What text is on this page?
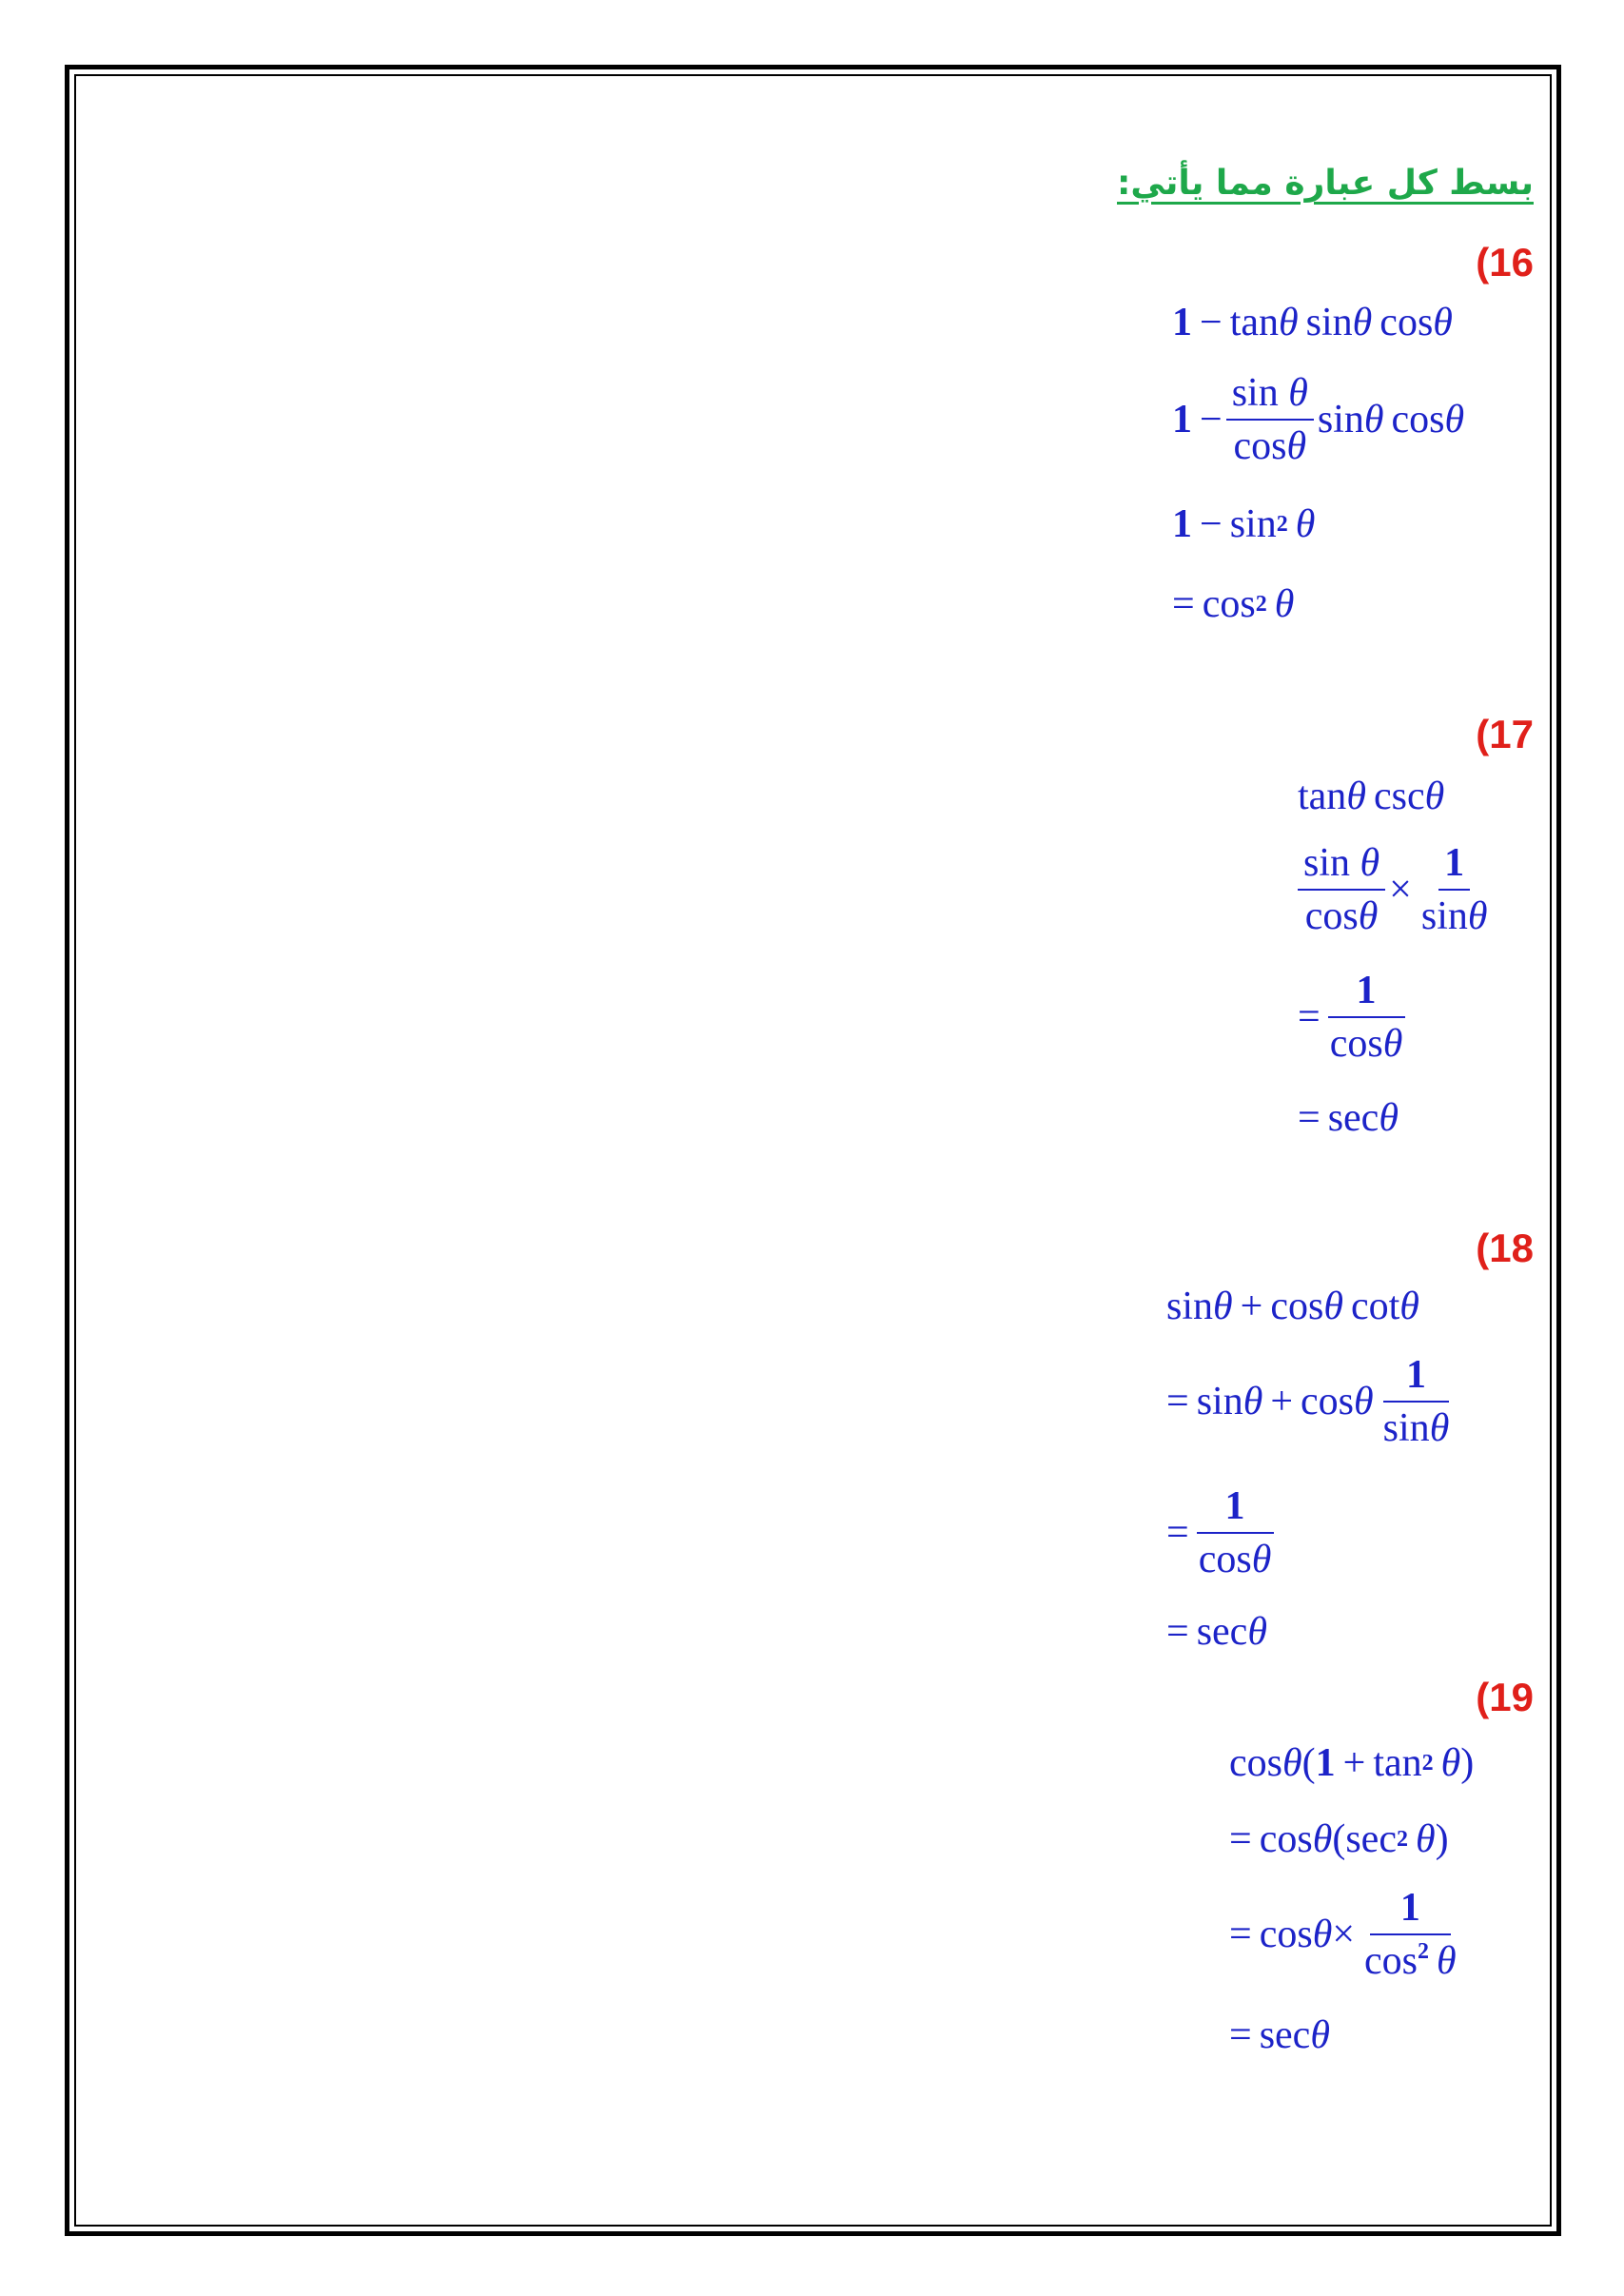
بسط كل عبارة مما يأتي:
(16
1 − tan θ sin θ cos θ
$1 - \frac{\text{sin θ}}{\cos\theta}$ sin θ cos θ
1 − sin 2 θ
= cos 2 θ
(17
tan θ csc θ
$\frac{\text{sin θ}}{\cos\theta} \times \frac{1}{\sin\theta}$
= $\frac{1}{\cos\theta}$
= sec θ
(18
sin θ + cos θ cot θ
= sin θ + cos θ $\frac{1}{\sin\theta}$
= $\frac{1}{\cos\theta}$
= sec θ
(19
cos θ ( 1 + tan 2 θ )
= cos θ ( sec 2 θ )
= $\cos \theta \times \frac{1}{\cos^2 \theta}$
= sec θ
